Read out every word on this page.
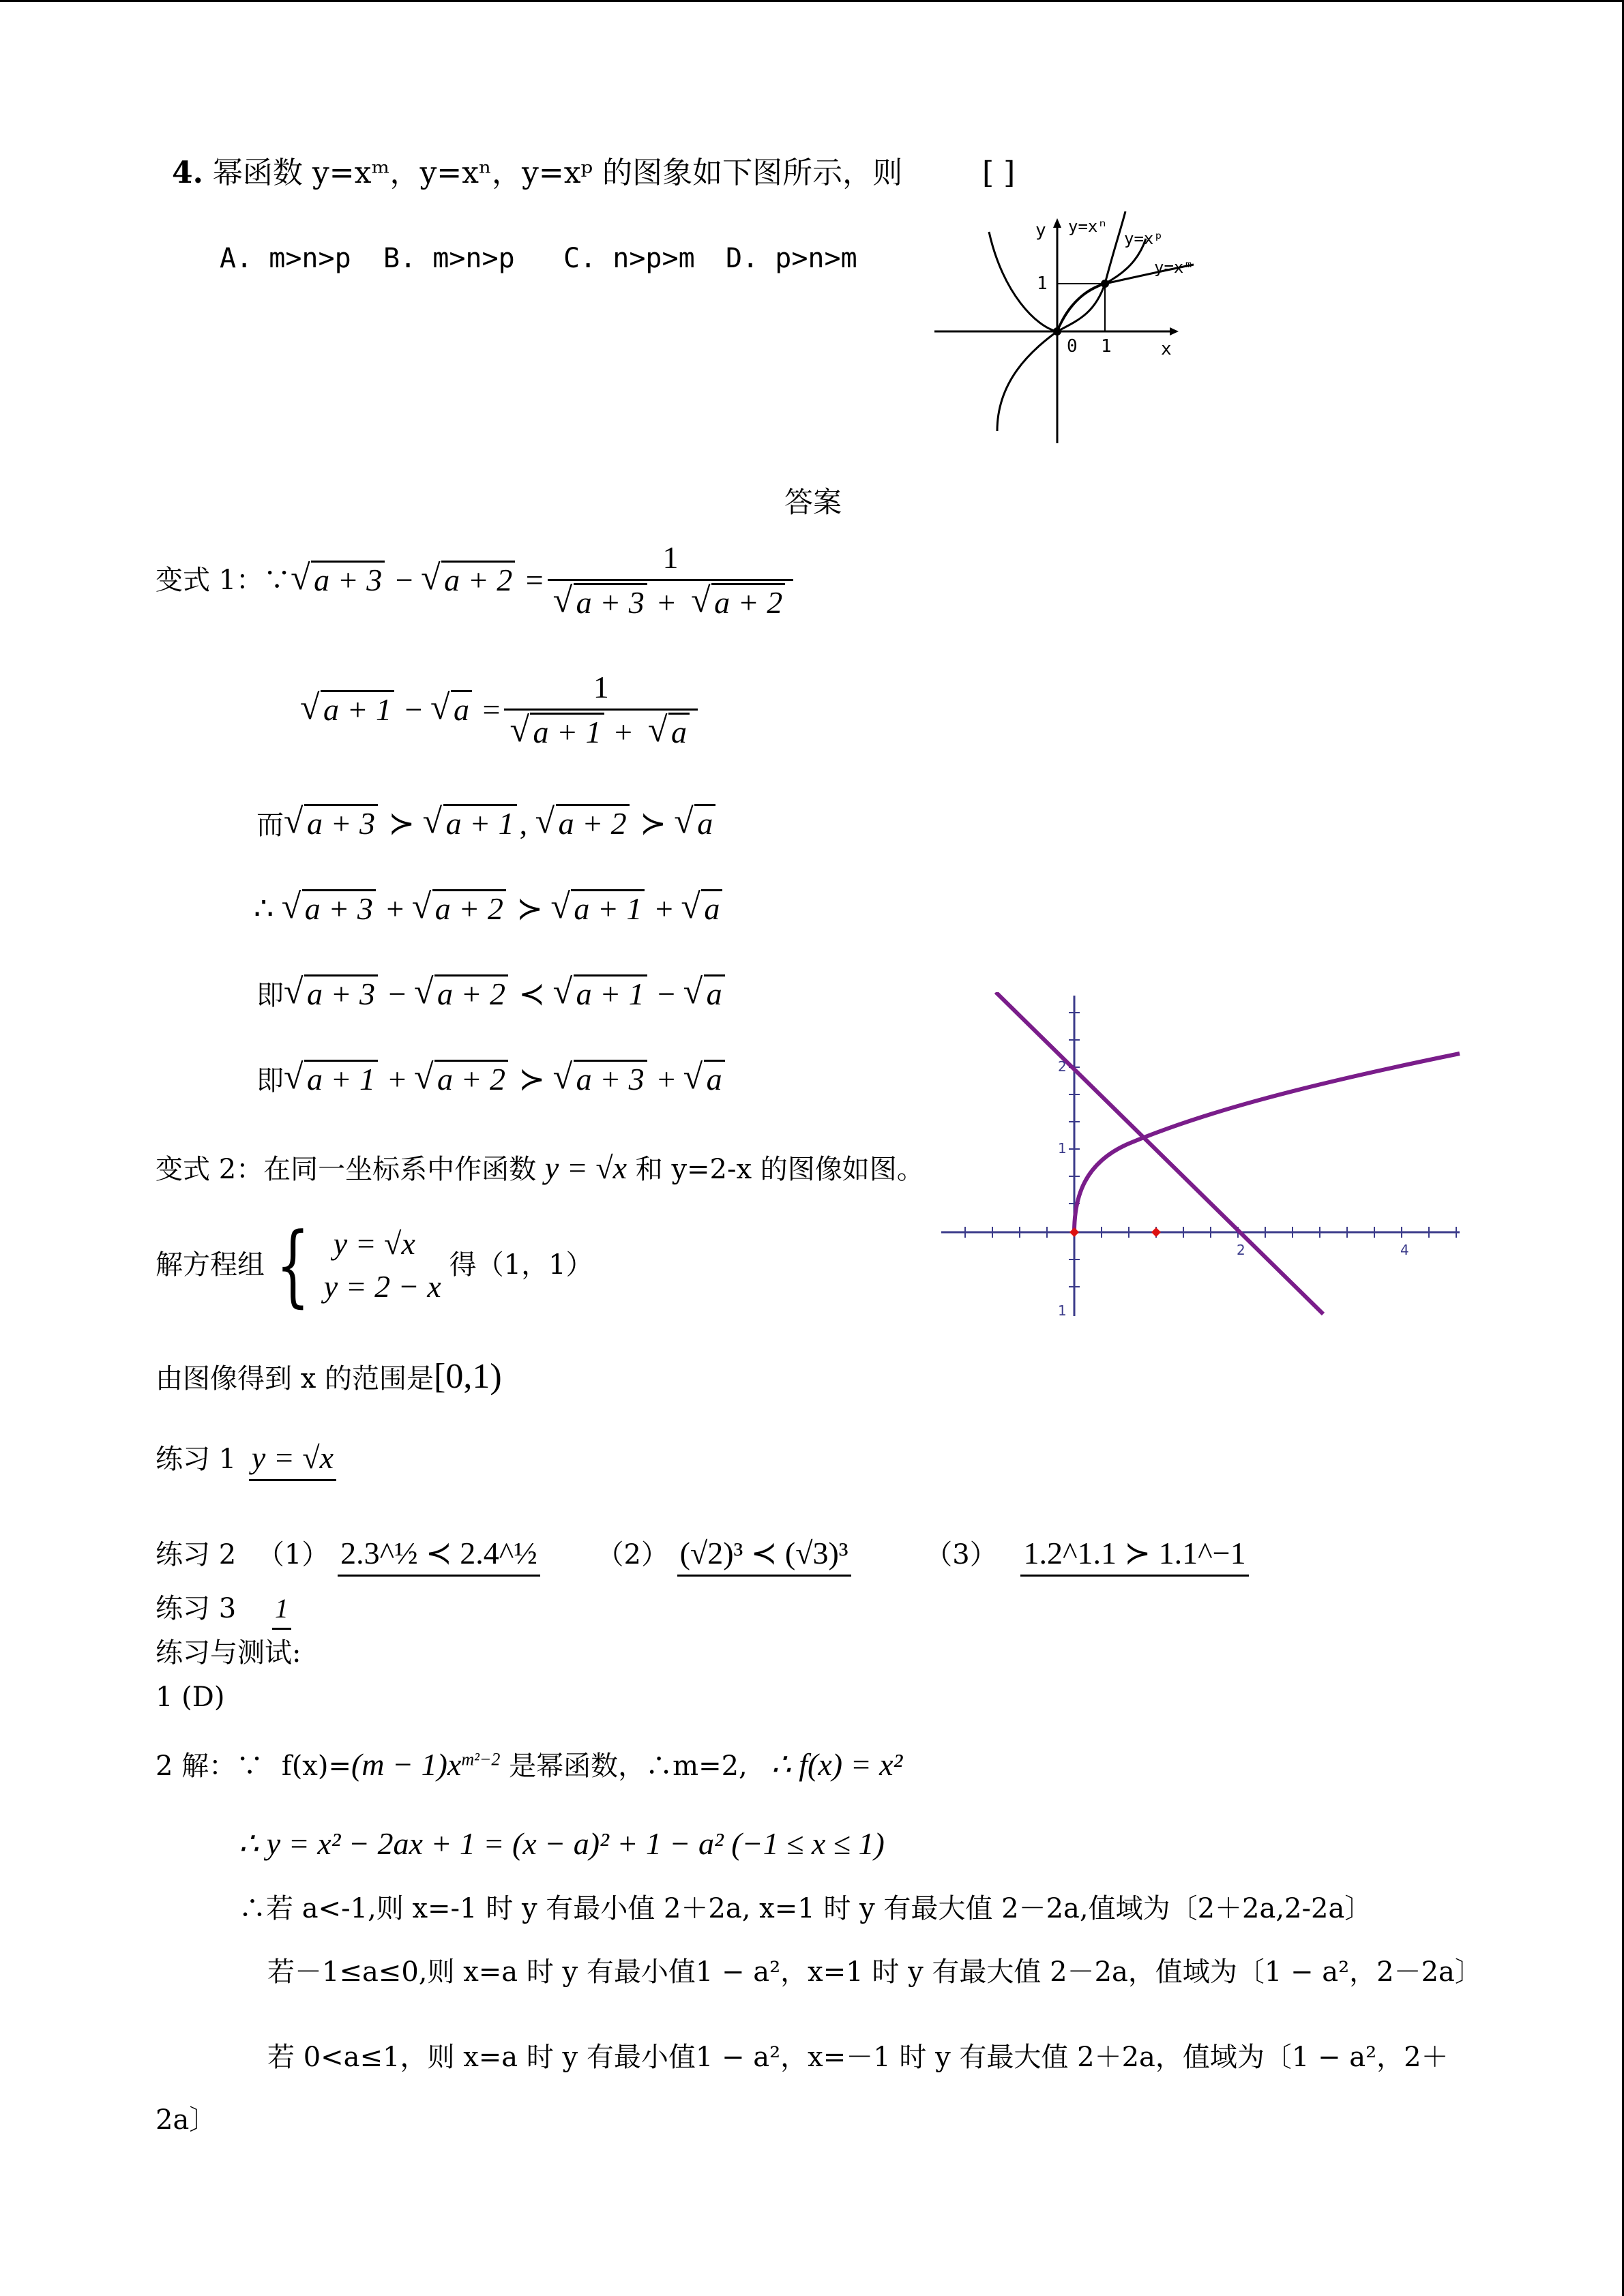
4. 幂函数 y=xᵐ，y=xⁿ，y=xᵖ 的图象如下图所示，则	[ ]
A. m>n>p B. m>n>p C. n>p>m D. p>n>m
y
x
1
1
0
y=xⁿ
y=xᵖ
y=xᵐ
答案
变式 1：∵ √ a + 3 − √ a + 2 = 1
√ a + 3 +  √ a + 2
√ a + 1 − √ a = 1
√ a + 1 +  √ a
而 √ a + 3 ≻ √ a + 1 , √ a + 2 ≻ √ a
∴ √ a + 3 + √ a + 2 ≻ √ a + 1 + √ a
即 √ a + 3 − √ a + 2 ≺ √ a + 1 − √ a
即 √ a + 1 + √ a + 2 ≻ √ a + 3 + √ a
2	4
1
2
1
变式 2：在同一坐标系中作函数 y = √x 和 y=2-x 的图像如图。
解方程组 { y = √x
y = 2 − x
得（1，1）
由图像得到 x 的范围是[0,1)
练习 1 y = √x
练习 2 （1） 2.3^½ ≺ 2.4^½ （2） (√2)³ ≺ (√3)³	（3） 1.2^1.1 ≻ 1.1^−1
练习 3 1
练习与测试:
1 (D)
2 解：∵ $f(x)=(m - 1)x^{m^2-2}$ 是幂函数，∴m=2, ∴ f(x) = x²
∴ y = x² − 2ax + 1 = (x − a)² + 1 − a² (−1 ≤ x ≤ 1)
∴若 a<-1,则 x=-1 时 y 有最小值 2＋2a, x=1 时 y 有最大值 2－2a,值域为〔2＋2a,2-2a〕
若－1≤a≤0,则 x=a 时 y 有最小值1 − a²，x=1 时 y 有最大值 2－2a，值域为〔1 − a²，2－2a〕
若 0<a≤1，则 x=a 时 y 有最小值1 − a²，x=－1 时 y 有最大值 2＋2a，值域为〔1 − a²，2＋
2a〕
